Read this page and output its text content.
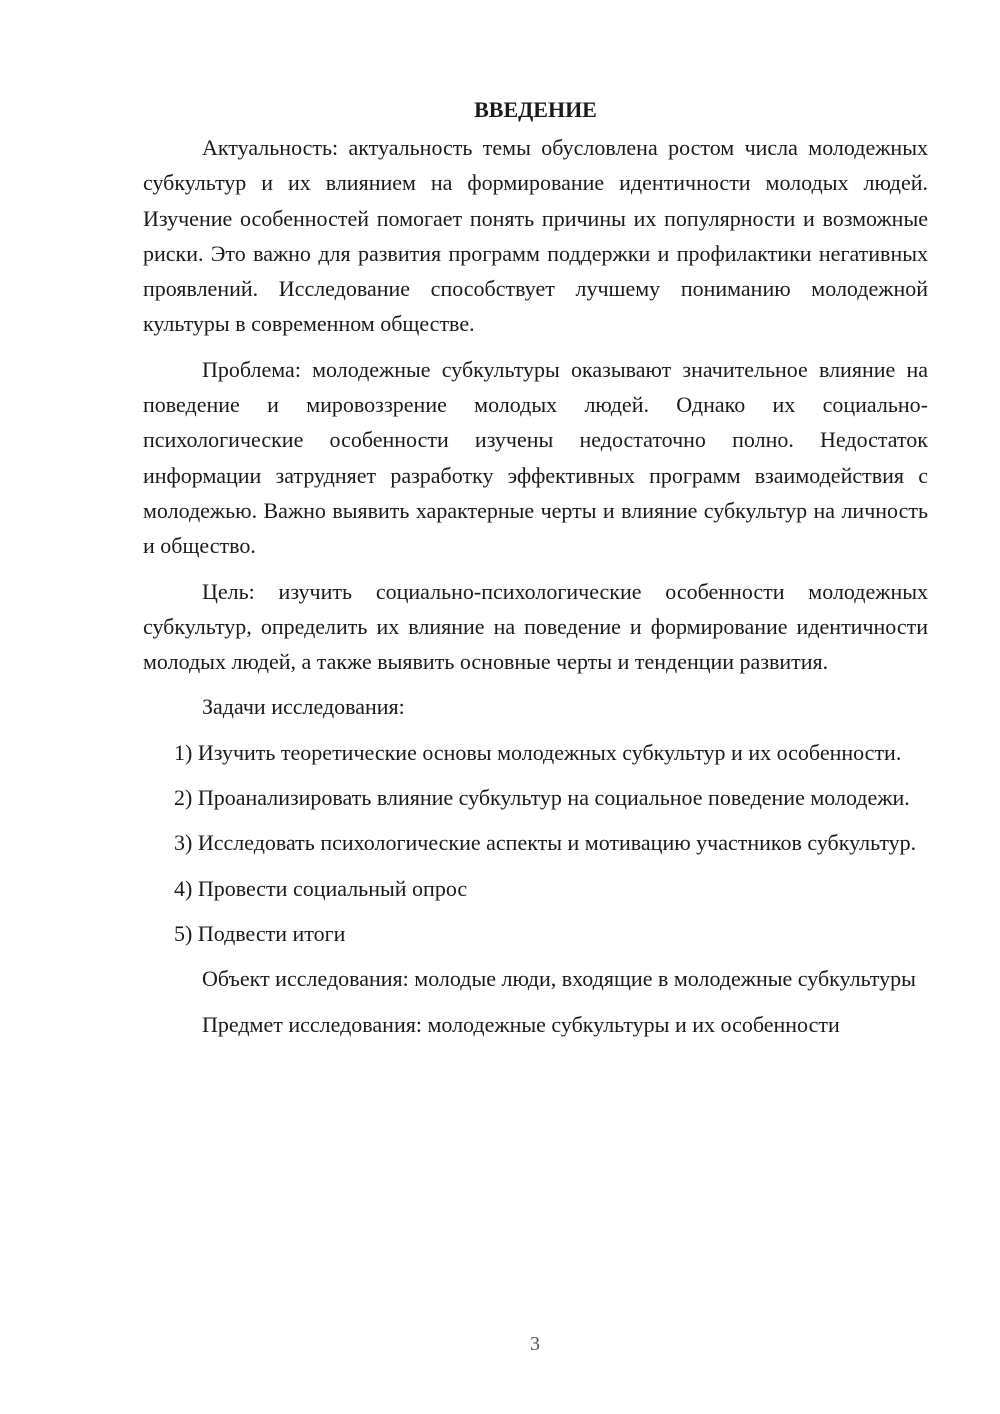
ВВЕДЕНИЕ

Актуальность: актуальность темы обусловлена ростом числа молодежных субкультур и их влиянием на формирование идентичности молодых людей. Изучение особенностей помогает понять причины их популярности и возможные риски. Это важно для развития программ поддержки и профилактики негативных проявлений. Исследование способствует лучшему пониманию молодежной культуры в современном обществе.

Проблема: молодежные субкультуры оказывают значительное влияние на поведение и мировоззрение молодых людей. Однако их социально-психологические особенности изучены недостаточно полно. Недостаток информации затрудняет разработку эффективных программ взаимодействия с молодежью. Важно выявить характерные черты и влияние субкультур на личность и общество.

Цель: изучить социально-психологические особенности молодежных субкультур, определить их влияние на поведение и формирование идентичности молодых людей, а также выявить основные черты и тенденции развития.

Задачи исследования:

1) Изучить теоретические основы молодежных субкультур и их особенности.

2) Проанализировать влияние субкультур на социальное поведение молодежи.

3) Исследовать психологические аспекты и мотивацию участников субкультур.

4) Провести социальный опрос

5) Подвести итоги

Объект исследования: молодые люди, входящие в молодежные субкультуры

Предмет исследования: молодежные субкультуры и их особенности

3
